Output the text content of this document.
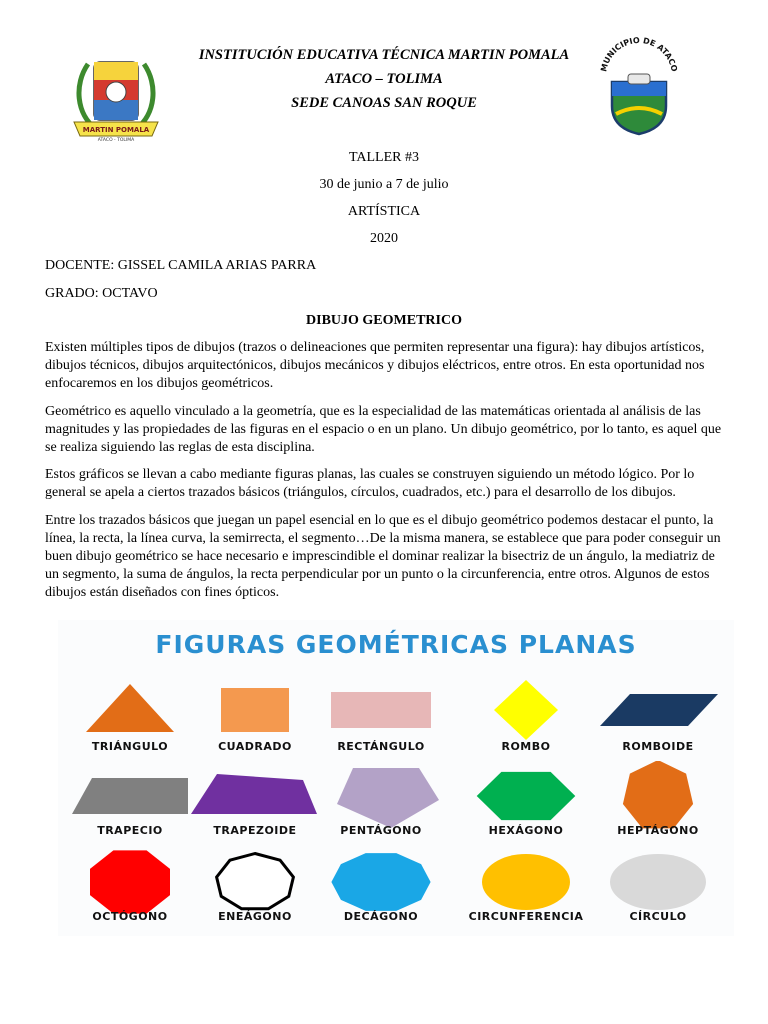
MARTIN POMALA
ATACO - TOLIMA
MUNICIPIO DE ATACO
INSTITUCIÓN EDUCATIVA TÉCNICA MARTIN POMALA
ATACO – TOLIMA
SEDE CANOAS SAN ROQUE
TALLER #3
30 de junio a 7 de julio
ARTÍSTICA
2020
DOCENTE: GISSEL CAMILA ARIAS PARRA
GRADO: OCTAVO
DIBUJO GEOMETRICO

Existen múltiples tipos de dibujos (trazos o delineaciones que permiten representar una figura): hay dibujos artísticos, dibujos técnicos, dibujos arquitectónicos, dibujos mecánicos y dibujos eléctricos, entre otros. En esta oportunidad nos enfocaremos en los dibujos geométricos.

Geométrico es aquello vinculado a la geometría, que es la especialidad de las matemáticas orientada al análisis de las magnitudes y las propiedades de las figuras en el espacio o en un plano. Un dibujo geométrico, por lo tanto, es aquel que se realiza siguiendo las reglas de esta disciplina.

Estos gráficos se llevan a cabo mediante figuras planas, las cuales se construyen siguiendo un método lógico. Por lo general se apela a ciertos trazados básicos (triángulos, círculos, cuadrados, etc.) para el desarrollo de los dibujos.

Entre los trazados básicos que juegan un papel esencial en lo que es el dibujo geométrico podemos destacar el punto, la línea, la recta, la línea curva, la semirrecta, el segmento…De la misma manera, se establece que para poder conseguir un buen dibujo geométrico se hace necesario e imprescindible el dominar realizar la bisectriz de un ángulo, la mediatriz de un segmento, la suma de ángulos, la recta perpendicular por un punto o la circunferencia, entre otros. Algunos de estos dibujos están diseñados con fines ópticos.

FIGURAS GEOMÉTRICAS PLANAS
TRIÁNGULO	CUADRADO	RECTÁNGULO	ROMBO	ROMBOIDE
TRAPECIO	TRAPEZOIDE	PENTÁGONO	HEXÁGONO	HEPTÁGONO
OCTÓGONO	ENEÁGONO	DECÁGONO	CIRCUNFERENCIA	CÍRCULO
